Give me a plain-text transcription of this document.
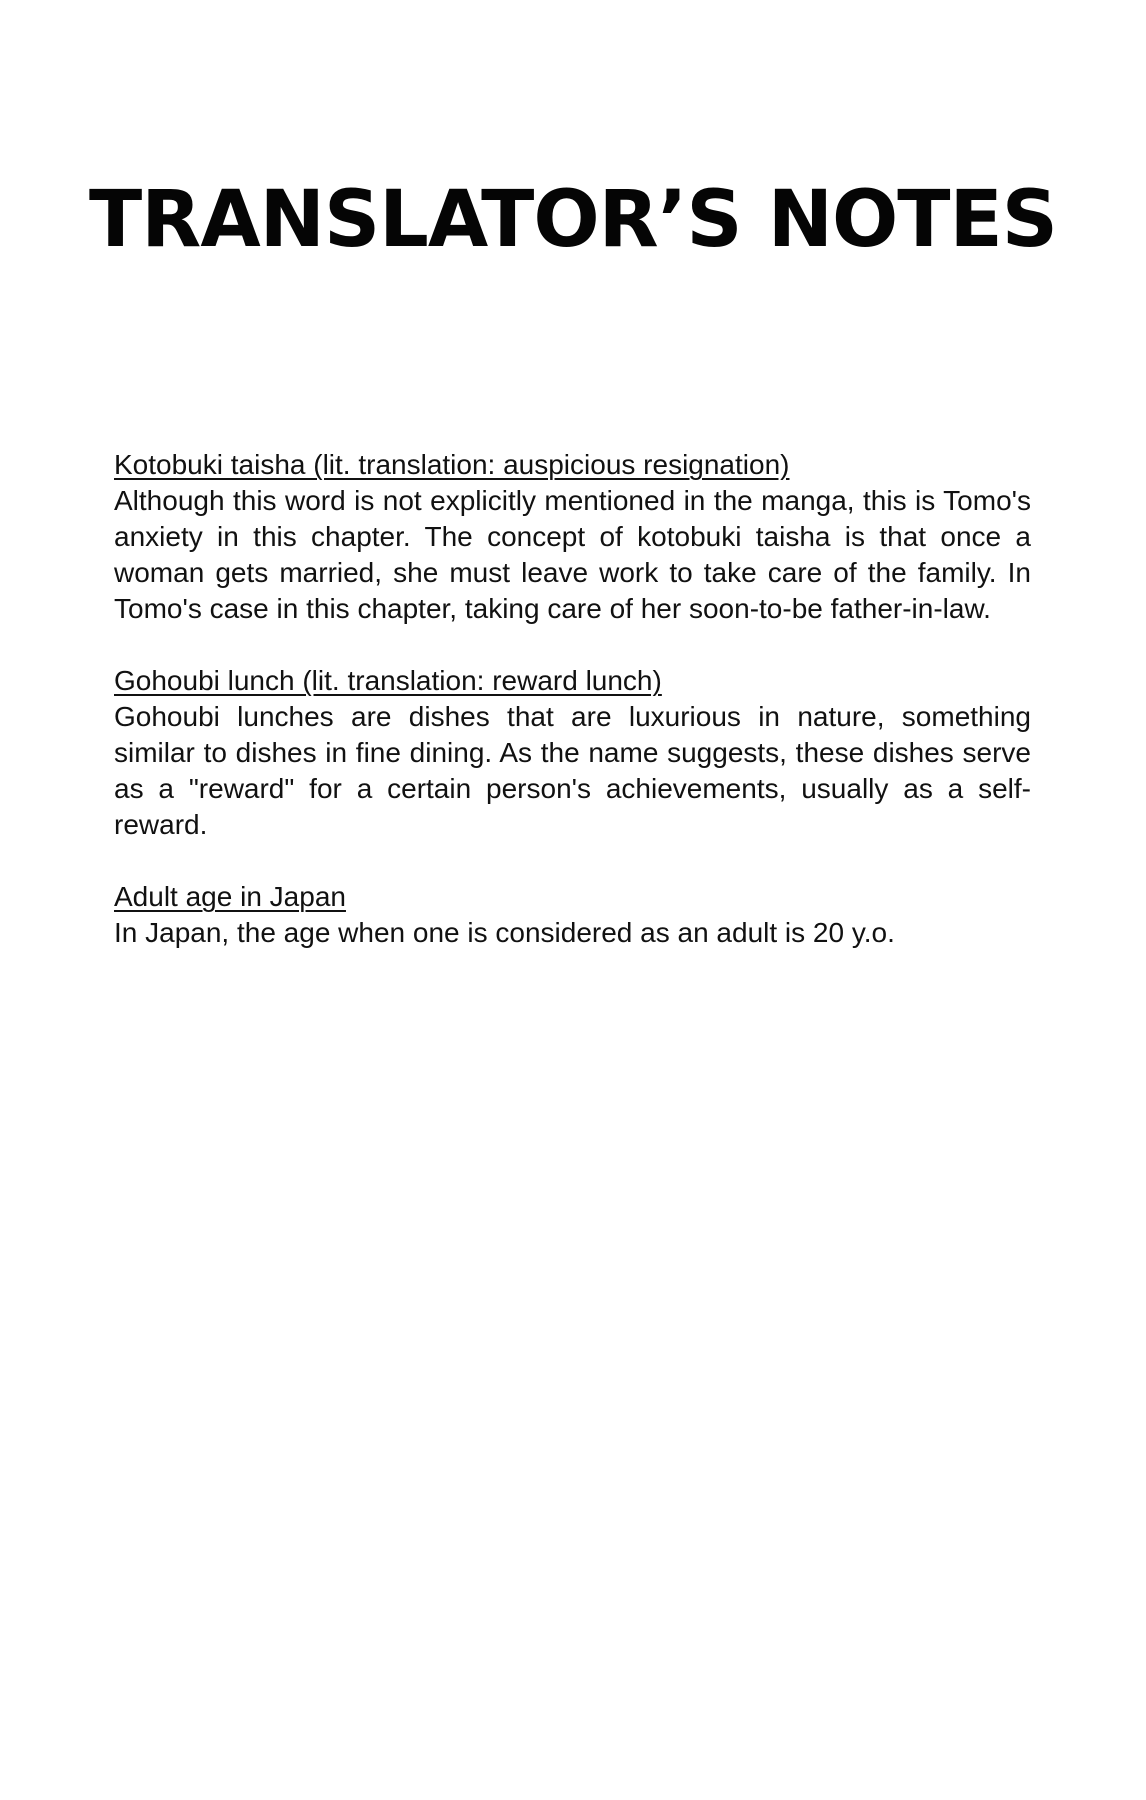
TRANSLATOR’S NOTES
Kotobuki taisha (lit. translation: auspicious resignation)

Although this word is not explicitly mentioned in the manga, this is Tomo's anxiety in this chapter. The concept of kotobuki taisha is that once a woman gets married, she must leave work to take care of the family. In Tomo's case in this chapter, taking care of her soon-to-be father-in-law.

Gohoubi lunch (lit. translation: reward lunch)

Gohoubi lunches are dishes that are luxurious in nature, something similar to dishes in fine dining. As the name suggests, these dishes serve as a "reward" for a certain person's achievements, usually as a self-reward.

Adult age in Japan

In Japan, the age when one is considered as an adult is 20 y.o.
